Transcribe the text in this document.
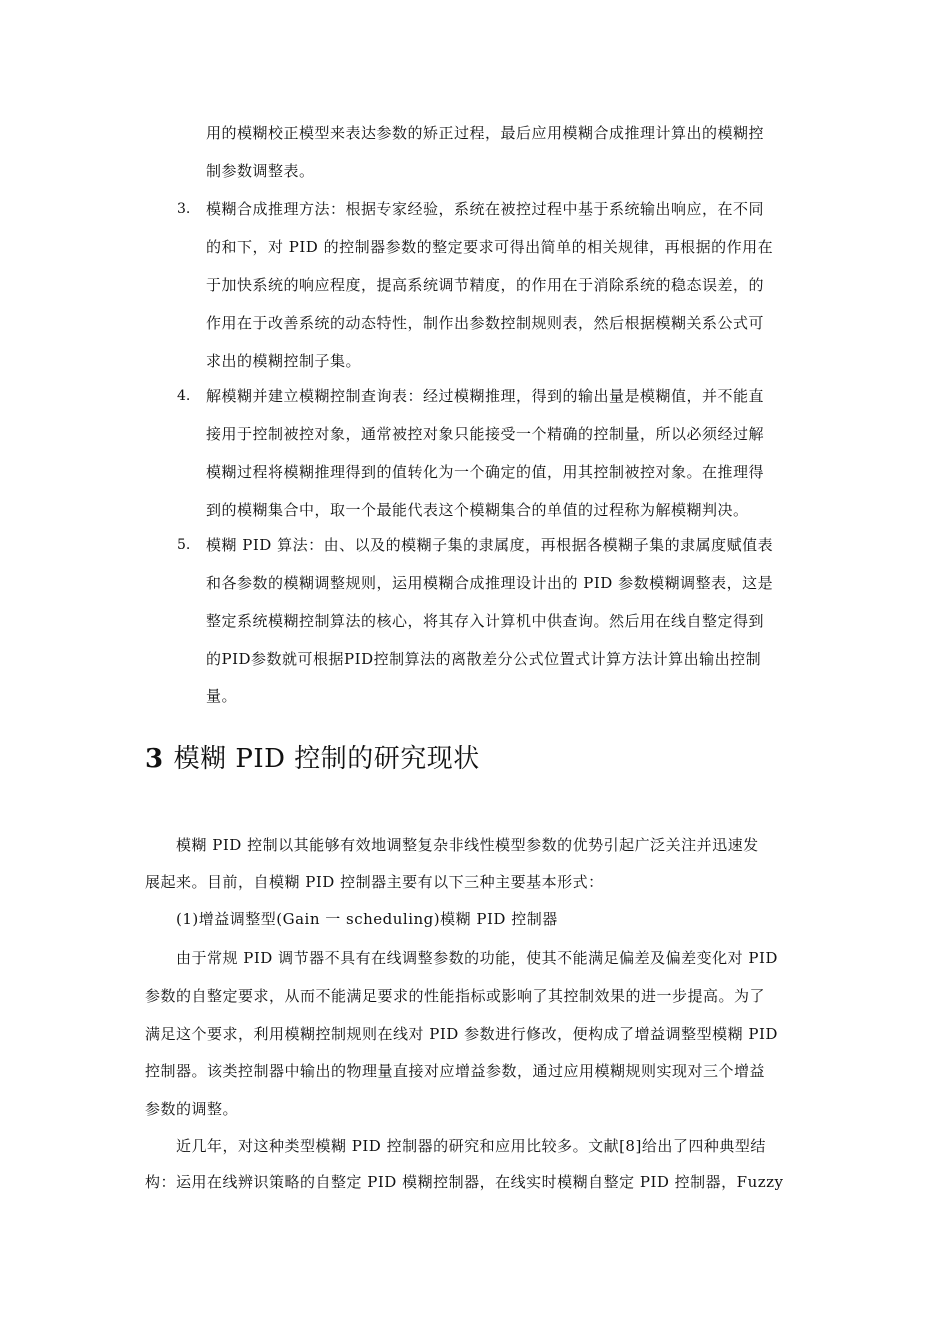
用的模糊校正模型来表达参数的矫正过程，最后应用模糊合成推理计算出的模糊控
制参数调整表。
3. 模糊合成推理方法：根据专家经验，系统在被控过程中基于系统输出响应，在不同
的和下，对 PID 的控制器参数的整定要求可得出简单的相关规律，再根据的作用在
于加快系统的响应程度，提高系统调节精度，的作用在于消除系统的稳态误差，的
作用在于改善系统的动态特性，制作出参数控制规则表，然后根据模糊关系公式可
求出的模糊控制子集。
4. 解模糊并建立模糊控制查询表：经过模糊推理，得到的输出量是模糊值，并不能直
接用于控制被控对象，通常被控对象只能接受一个精确的控制量，所以必须经过解
模糊过程将模糊推理得到的值转化为一个确定的值，用其控制被控对象。在推理得
到的模糊集合中，取一个最能代表这个模糊集合的单值的过程称为解模糊判决。
5. 模糊 PID 算法：由、以及的模糊子集的隶属度，再根据各模糊子集的隶属度赋值表
和各参数的模糊调整规则，运用模糊合成推理设计出的 PID 参数模糊调整表，这是
整定系统模糊控制算法的核心，将其存入计算机中供查询。然后用在线自整定得到
的PID参数就可根据PID控制算法的离散差分公式位置式计算方法计算出输出控制
量。
3 模糊 PID 控制的研究现状
模糊 PID 控制以其能够有效地调整复杂非线性模型参数的优势引起广泛关注并迅速发
展起来。目前，自模糊 PID 控制器主要有以下三种主要基本形式：
(1)增益调整型(Gain 一 scheduling)模糊 PID 控制器
由于常规 PID 调节器不具有在线调整参数的功能，使其不能满足偏差及偏差变化对 PID
参数的自整定要求，从而不能满足要求的性能指标或影响了其控制效果的进一步提高。为了
满足这个要求，利用模糊控制规则在线对 PID 参数进行修改，便构成了增益调整型模糊 PID
控制器。该类控制器中输出的物理量直接对应增益参数，通过应用模糊规则实现对三个增益
参数的调整。
近几年，对这种类型模糊 PID 控制器的研究和应用比较多。文献[8]给出了四种典型结
构：运用在线辨识策略的自整定 PID 模糊控制器，在线实时模糊自整定 PID 控制器，Fuzzy
